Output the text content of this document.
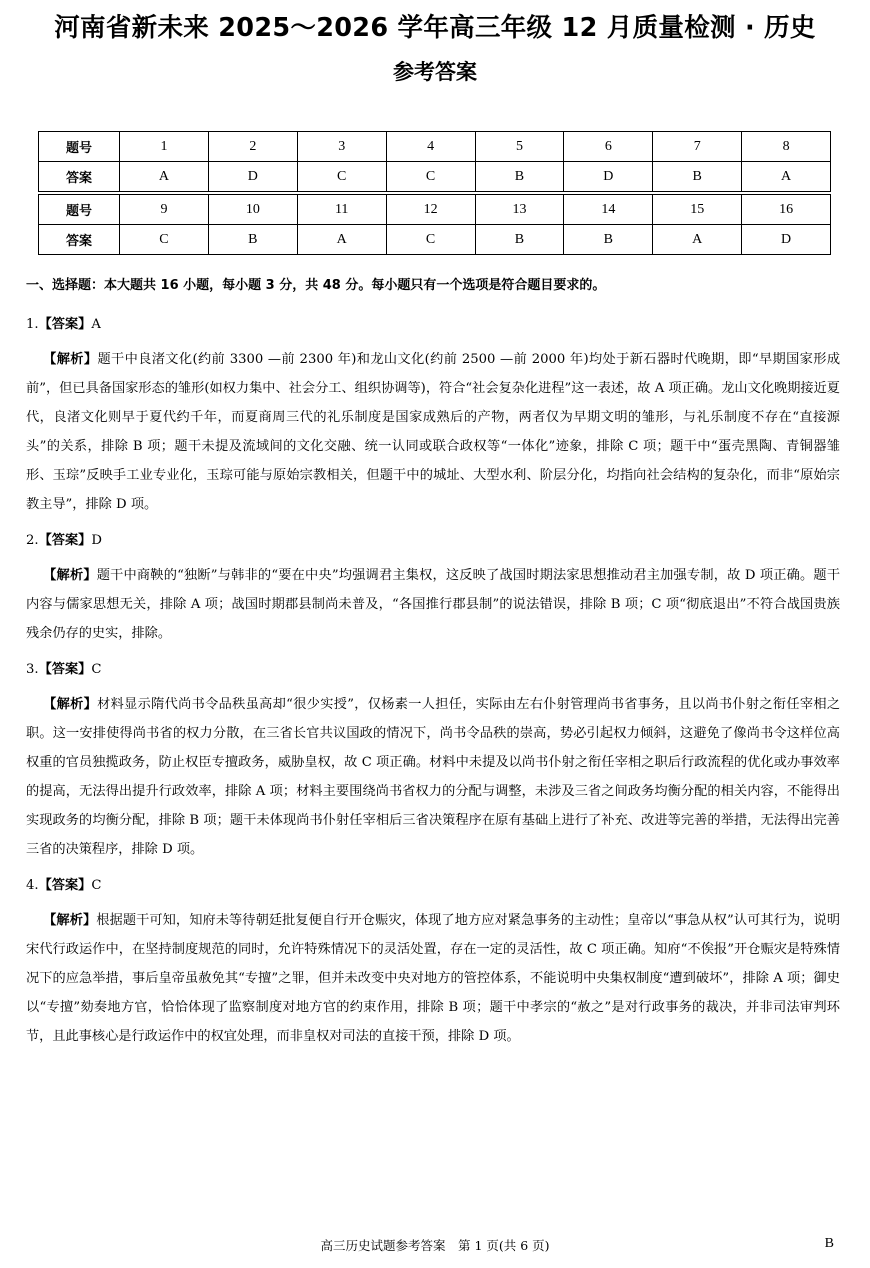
河南省新未来 2025～2026 学年高三年级 12 月质量检测 · 历史
参考答案
题号	1	2	3	4	5	6	7	8
答案	A	D	C	C	B	D	B	A

题号	9	10	11	12	13	14	15	16
答案	C	B	A	C	B	B	A	D
一、选择题：本大题共 16 小题，每小题 3 分，共 48 分。每小题只有一个选项是符合题目要求的。

1.【答案】A

【解析】题干中良渚文化(约前 3300 —前 2300 年)和龙山文化(约前 2500 —前 2000 年)均处于新石器时代晚期，即“早期国家形成前”，但已具备国家形态的雏形(如权力集中、社会分工、组织协调等)，符合“社会复杂化进程”这一表述，故 A 项正确。龙山文化晚期接近夏代，良渚文化则早于夏代约千年，而夏商周三代的礼乐制度是国家成熟后的产物，两者仅为早期文明的雏形，与礼乐制度不存在“直接源头”的关系，排除 B 项；题干未提及流域间的文化交融、统一认同或联合政权等“一体化”迹象，排除 C 项；题干中“蛋壳黑陶、青铜器雏形、玉琮”反映手工业专业化，玉琮可能与原始宗教相关，但题干中的城址、大型水利、阶层分化，均指向社会结构的复杂化，而非“原始宗教主导”，排除 D 项。

2.【答案】D

【解析】题干中商鞅的“独断”与韩非的“要在中央”均强调君主集权，这反映了战国时期法家思想推动君主加强专制，故 D 项正确。题干内容与儒家思想无关，排除 A 项；战国时期郡县制尚未普及，“各国推行郡县制”的说法错误，排除 B 项；C 项“彻底退出”不符合战国贵族残余仍存的史实，排除。

3.【答案】C

【解析】材料显示隋代尚书令品秩虽高却“很少实授”，仅杨素一人担任，实际由左右仆射管理尚书省事务，且以尚书仆射之衔任宰相之职。这一安排使得尚书省的权力分散，在三省长官共议国政的情况下，尚书令品秩的崇高，势必引起权力倾斜，这避免了像尚书令这样位高权重的官员独揽政务，防止权臣专擅政务，威胁皇权，故 C 项正确。材料中未提及以尚书仆射之衔任宰相之职后行政流程的优化或办事效率的提高，无法得出提升行政效率，排除 A 项；材料主要围绕尚书省权力的分配与调整，未涉及三省之间政务均衡分配的相关内容，不能得出实现政务的均衡分配，排除 B 项；题干未体现尚书仆射任宰相后三省决策程序在原有基础上进行了补充、改进等完善的举措，无法得出完善三省的决策程序，排除 D 项。

4.【答案】C

【解析】根据题干可知，知府未等待朝廷批复便自行开仓赈灾，体现了地方应对紧急事务的主动性；皇帝以“事急从权”认可其行为，说明宋代行政运作中，在坚持制度规范的同时，允许特殊情况下的灵活处置，存在一定的灵活性，故 C 项正确。知府“不俟报”开仓赈灾是特殊情况下的应急举措，事后皇帝虽赦免其“专擅”之罪，但并未改变中央对地方的管控体系，不能说明中央集权制度“遭到破坏”，排除 A 项；御史以“专擅”劾奏地方官，恰恰体现了监察制度对地方官的约束作用，排除 B 项；题干中孝宗的“赦之”是对行政事务的裁决，并非司法审判环节，且此事核心是行政运作中的权宜处理，而非皇权对司法的直接干预，排除 D 项。

高三历史试题参考答案　第 1 页(共 6 页)	B
